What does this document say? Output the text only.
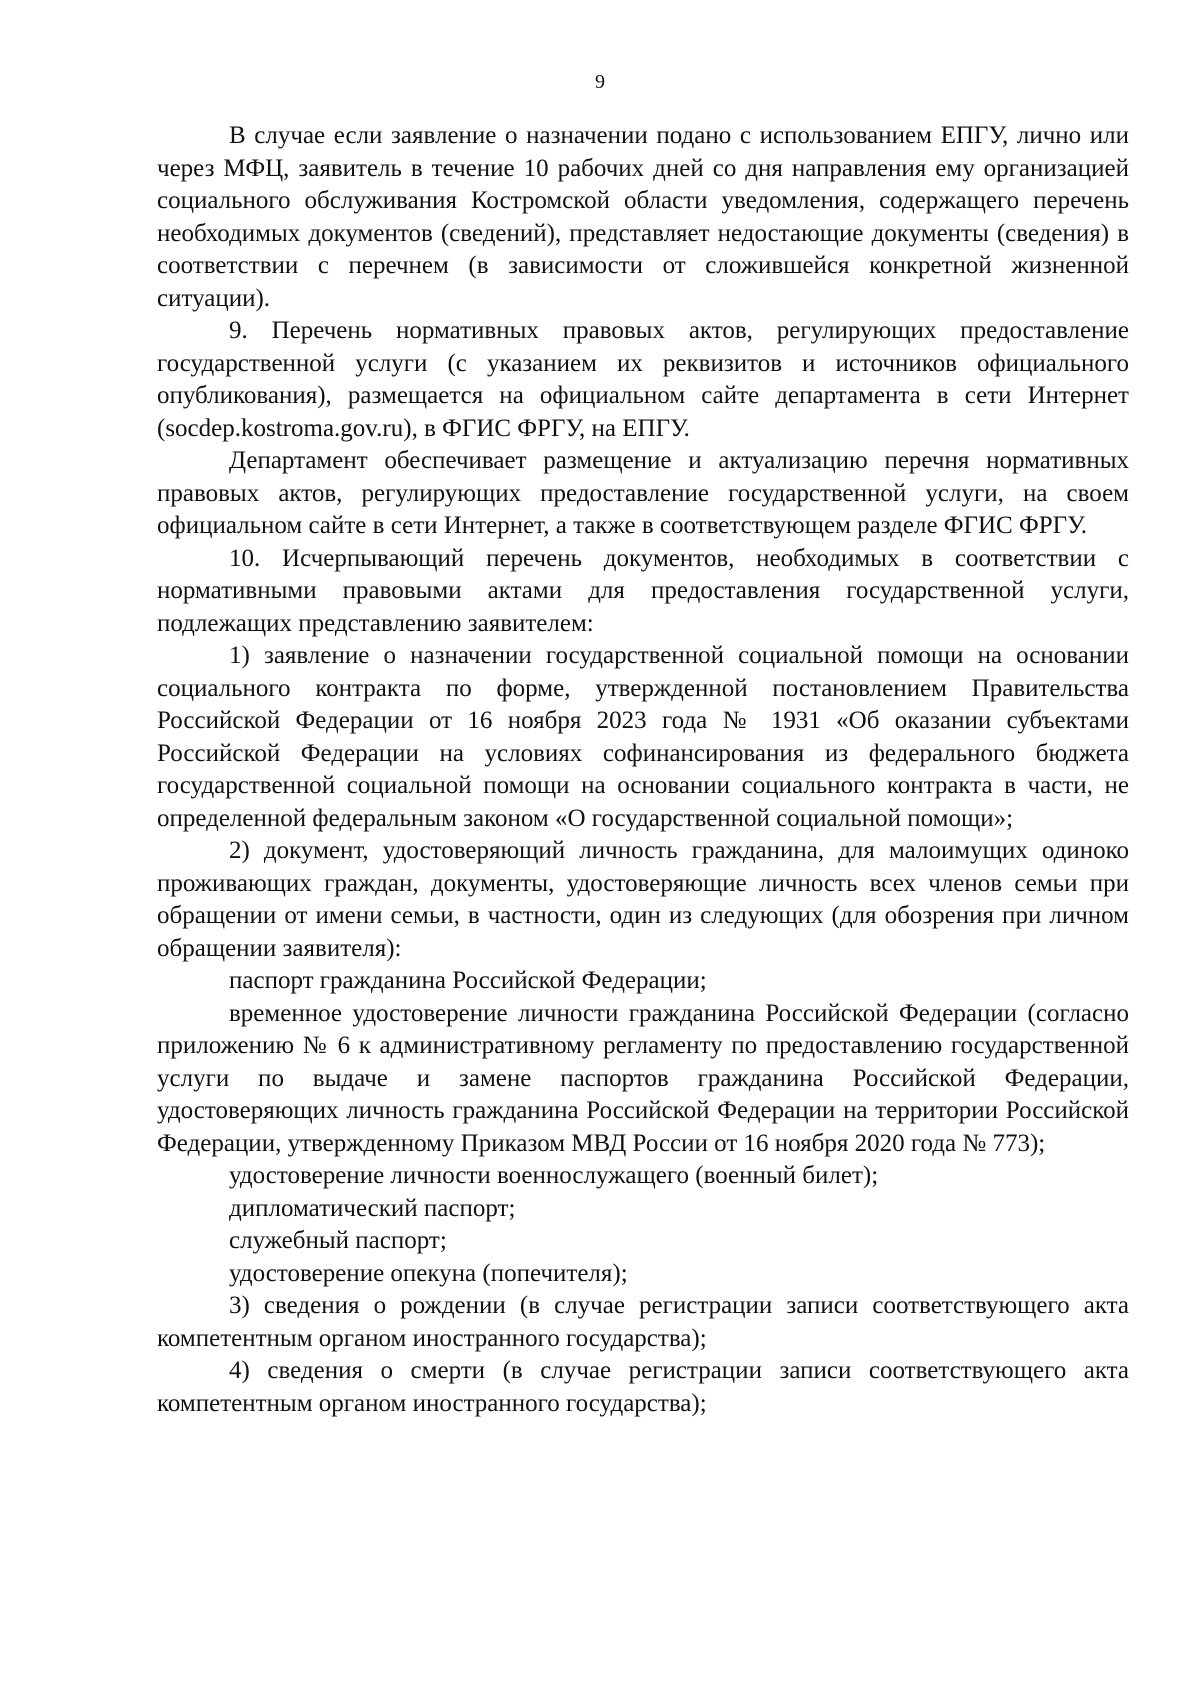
9

В случае если заявление о назначении подано с использованием ЕПГУ, лично или через МФЦ, заявитель в течение 10 рабочих дней со дня направления ему организацией социального обслуживания Костромской области уведомления, содержащего перечень необходимых документов (сведений), представляет недостающие документы (сведения) в соответствии с перечнем (в зависимости от сложившейся конкретной жизненной ситуации).

9. Перечень нормативных правовых актов, регулирующих предоставление государственной услуги (с указанием их реквизитов и источников официального опубликования), размещается на официальном сайте департамента в сети Интернет (socdep.kostroma.gov.ru), в ФГИС ФРГУ, на ЕПГУ.

Департамент обеспечивает размещение и актуализацию перечня нормативных правовых актов, регулирующих предоставление государственной услуги, на своем официальном сайте в сети Интернет, а также в соответствующем разделе ФГИС ФРГУ.

10. Исчерпывающий перечень документов, необходимых в соответствии с нормативными правовыми актами для предоставления государственной услуги, подлежащих представлению заявителем:

1) заявление о назначении государственной социальной помощи на основании социального контракта по форме, утвержденной постановлением Правительства Российской Федерации от 16 ноября 2023 года № 1931 «Об оказании субъектами Российской Федерации на условиях софинансирования из федерального бюджета государственной социальной помощи на основании социального контракта в части, не определенной федеральным законом «О государственной социальной помощи»;

2) документ, удостоверяющий личность гражданина, для малоимущих одиноко проживающих граждан, документы, удостоверяющие личность всех членов семьи при обращении от имени семьи, в частности, один из следующих (для обозрения при личном обращении заявителя):

паспорт гражданина Российской Федерации;

временное удостоверение личности гражданина Российской Федерации (согласно приложению № 6 к административному регламенту по предоставлению государственной услуги по выдаче и замене паспортов гражданина Российской Федерации, удостоверяющих личность гражданина Российской Федерации на территории Российской Федерации, утвержденному Приказом МВД России от 16 ноября 2020 года № 773);

удостоверение личности военнослужащего (военный билет);

дипломатический паспорт;

служебный паспорт;

удостоверение опекуна (попечителя);

3) сведения о рождении (в случае регистрации записи соответствующего акта компетентным органом иностранного государства);

4) сведения о смерти (в случае регистрации записи соответствующего акта компетентным органом иностранного государства);
